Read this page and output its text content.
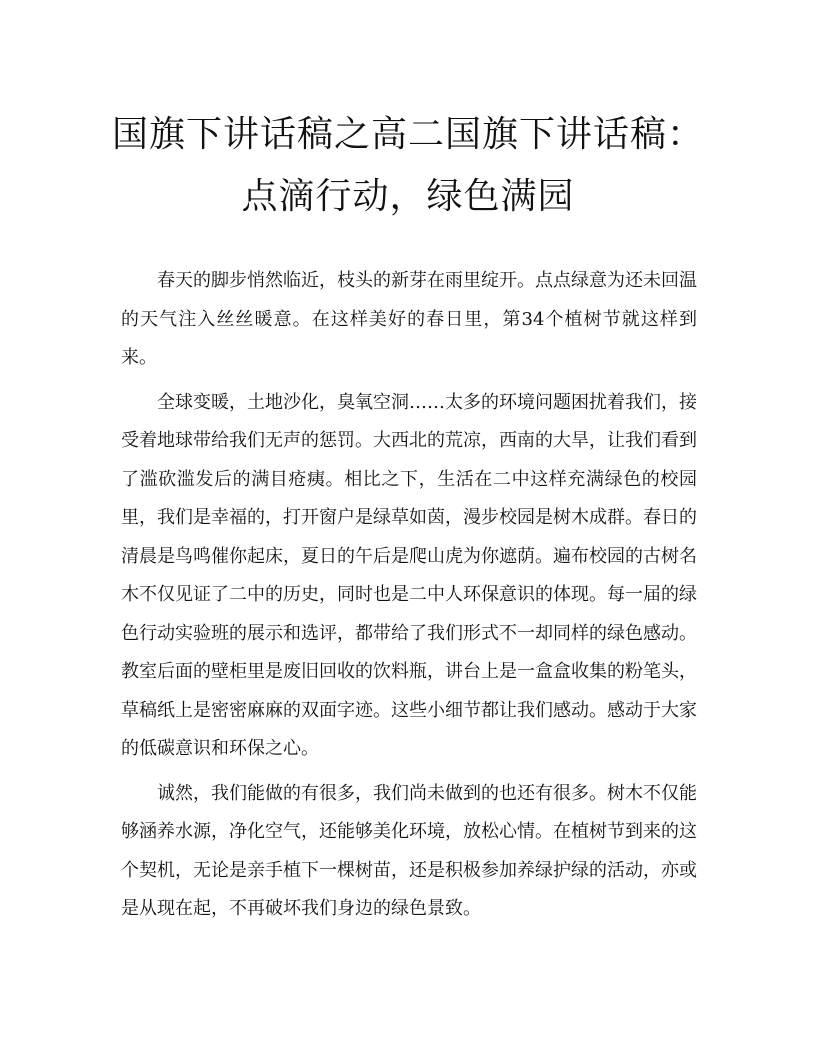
国旗下讲话稿之高二国旗下讲话稿：点滴行动，绿色满园

春天的脚步悄然临近，枝头的新芽在雨里绽开。点点绿意为还未回温的天气注入丝丝暖意。在这样美好的春日里，第34个植树节就这样到来。

全球变暖，土地沙化，臭氧空洞……太多的环境问题困扰着我们，接受着地球带给我们无声的惩罚。大西北的荒凉，西南的大旱，让我们看到了滥砍滥发后的满目疮痍。相比之下，生活在二中这样充满绿色的校园里，我们是幸福的，打开窗户是绿草如茵，漫步校园是树木成群。春日的清晨是鸟鸣催你起床，夏日的午后是爬山虎为你遮荫。遍布校园的古树名木不仅见证了二中的历史，同时也是二中人环保意识的体现。每一届的绿色行动实验班的展示和选评，都带给了我们形式不一却同样的绿色感动。教室后面的壁柜里是废旧回收的饮料瓶，讲台上是一盒盒收集的粉笔头，草稿纸上是密密麻麻的双面字迹。这些小细节都让我们感动。感动于大家的低碳意识和环保之心。

诚然，我们能做的有很多，我们尚未做到的也还有很多。树木不仅能够涵养水源，净化空气，还能够美化环境，放松心情。在植树节到来的这个契机，无论是亲手植下一棵树苗，还是积极参加养绿护绿的活动，亦或是从现在起，不再破坏我们身边的绿色景致。
